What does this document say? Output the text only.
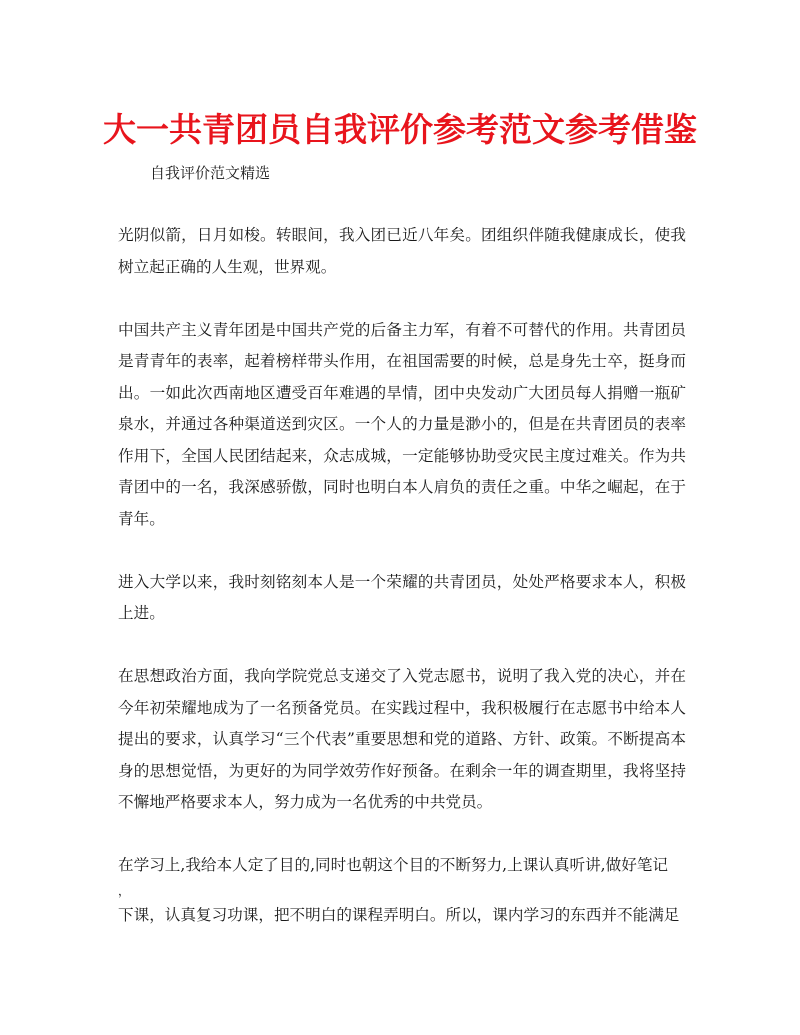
大一共青团员自我评价参考范文参考借鉴

自我评价范文精选

光阴似箭，日月如梭。转眼间，我入团已近八年矣。团组织伴随我健康成长，使我树立起正确的人生观，世界观。

中国共产主义青年团是中国共产党的后备主力军，有着不可替代的作用。共青团员是青青年的表率，起着榜样带头作用，在祖国需要的时候，总是身先士卒，挺身而出。一如此次西南地区遭受百年难遇的旱情，团中央发动广大团员每人捐赠一瓶矿泉水，并通过各种渠道送到灾区。一个人的力量是渺小的，但是在共青团员的表率作用下，全国人民团结起来，众志成城，一定能够协助受灾民主度过难关。作为共青团中的一名，我深感骄傲，同时也明白本人肩负的责任之重。中华之崛起，在于青年。

进入大学以来，我时刻铭刻本人是一个荣耀的共青团员，处处严格要求本人，积极上进。

在思想政治方面，我向学院党总支递交了入党志愿书，说明了我入党的决心，并在今年初荣耀地成为了一名预备党员。在实践过程中，我积极履行在志愿书中给本人提出的要求，认真学习“三个代表”重要思想和党的道路、方针、政策。不断提高本身的思想觉悟，为更好的为同学效劳作好预备。在剩余一年的调查期里，我将坚持不懈地严格要求本人，努力成为一名优秀的中共党员。

在学习上,我给本人定了目的,同时也朝这个目的不断努力,上课认真听讲,做好笔记

，

下课，认真复习功课，把不明白的课程弄明白。所以，课内学习的东西并不能满足
